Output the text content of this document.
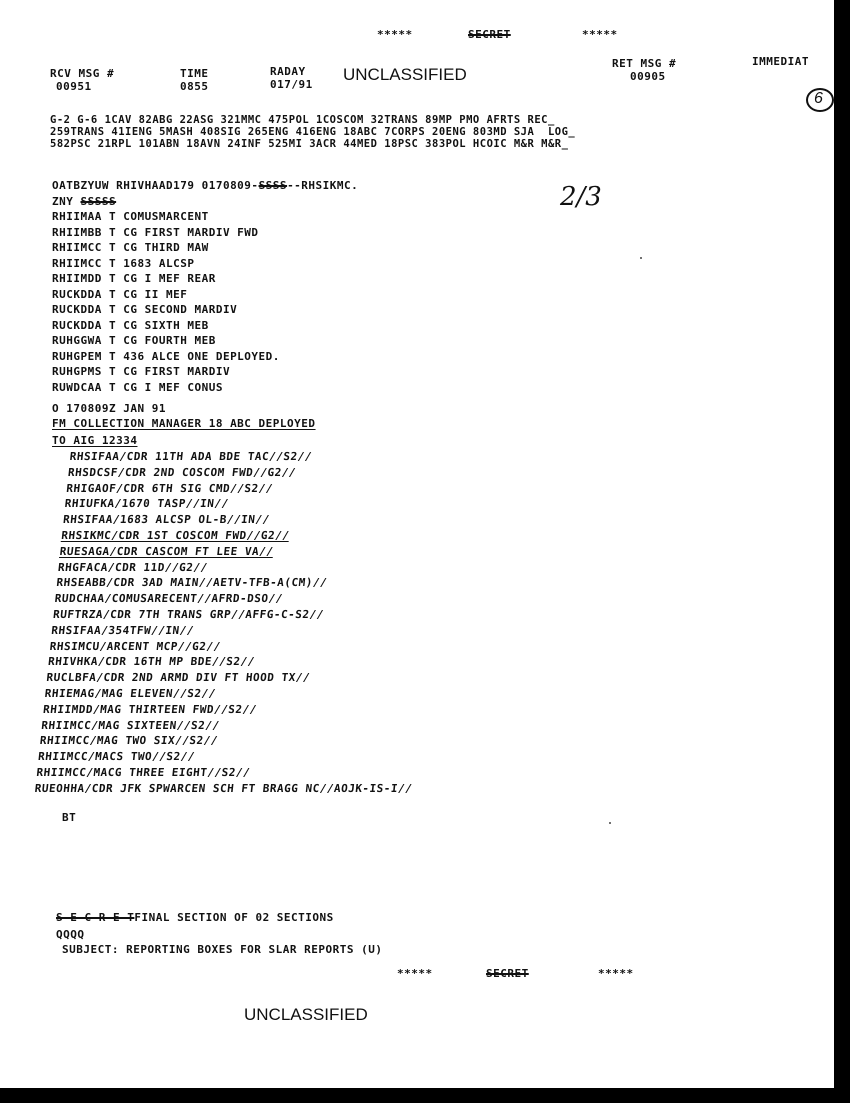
*****	SECRET	*****
RCV MSG #
00951
TIME
0855
RADAY
017/91
UNCLASSIFIED
RET MSG #
00905
IMMEDIAT
6
G-2 G-6 1CAV 82ABG 22ASG 321MMC 475POL 1COSCOM 32TRANS 89MP PMO AFRTS REC_
259TRANS 41IENG 5MASH 408SIG 265ENG 416ENG 18ABC 7CORPS 20ENG 803MD SJA  LOG_
582PSC 21RPL 101ABN 18AVN 24INF 525MI 3ACR 44MED 18PSC 383POL HCOIC M&R M&R_
OATBZYUW RHIVHAAD179 0170809-SSSS--RHSIKMC.	2/3
ZNY SSSSS
RHIIMAA T COMUSMARCENT
RHIIMBB T CG FIRST MARDIV FWD
RHIIMCC T CG THIRD MAW
RHIIMCC T 1683 ALCSP
RHIIMDD T CG I MEF REAR
RUCKDDA T CG II MEF
RUCKDDA T CG SECOND MARDIV
RUCKDDA T CG SIXTH MEB
RUHGGWA T CG FOURTH MEB
RUHGPEM T 436 ALCE ONE DEPLOYED.
RUHGPMS T CG FIRST MARDIV
RUWDCAA T CG I MEF CONUS
O 170809Z JAN 91
FM COLLECTION MANAGER 18 ABC DEPLOYED
TO AIG 12334
RHSIFAA/CDR 11TH ADA BDE TAC//S2//
RHSDCSF/CDR 2ND COSCOM FWD//G2//
RHIGAOF/CDR 6TH SIG CMD//S2//
RHIUFKA/1670 TASP//IN//
RHSIFAA/1683 ALCSP OL-B//IN//
RHSIKMC/CDR 1ST COSCOM FWD//G2//
RUESAGA/CDR CASCOM FT LEE VA//
RHGFACA/CDR 11D//G2//
RHSEABB/CDR 3AD MAIN//AETV-TFB-A(CM)//
RUDCHAA/COMUSARECENT//AFRD-DSO//
RUFTRZA/CDR 7TH TRANS GRP//AFFG-C-S2//
RHSIFAA/354TFW//IN//
RHSIMCU/ARCENT MCP//G2//
RHIVHKA/CDR 16TH MP BDE//S2//
RUCLBFA/CDR 2ND ARMD DIV FT HOOD TX//
RHIEMAG/MAG ELEVEN//S2//
RHIIMDD/MAG THIRTEEN FWD//S2//
RHIIMCC/MAG SIXTEEN//S2//
RHIIMCC/MAG TWO SIX//S2//
RHIIMCC/MACS TWO//S2//
RHIIMCC/MACG THREE EIGHT//S2//
RUEOHHA/CDR JFK SPWARCEN SCH FT BRAGG NC//AOJK-IS-I//
BT
S E C R E TFINAL SECTION OF 02 SECTIONS
QQQQ
SUBJECT: REPORTING BOXES FOR SLAR REPORTS (U)
*****	SECRET	*****
UNCLASSIFIED
